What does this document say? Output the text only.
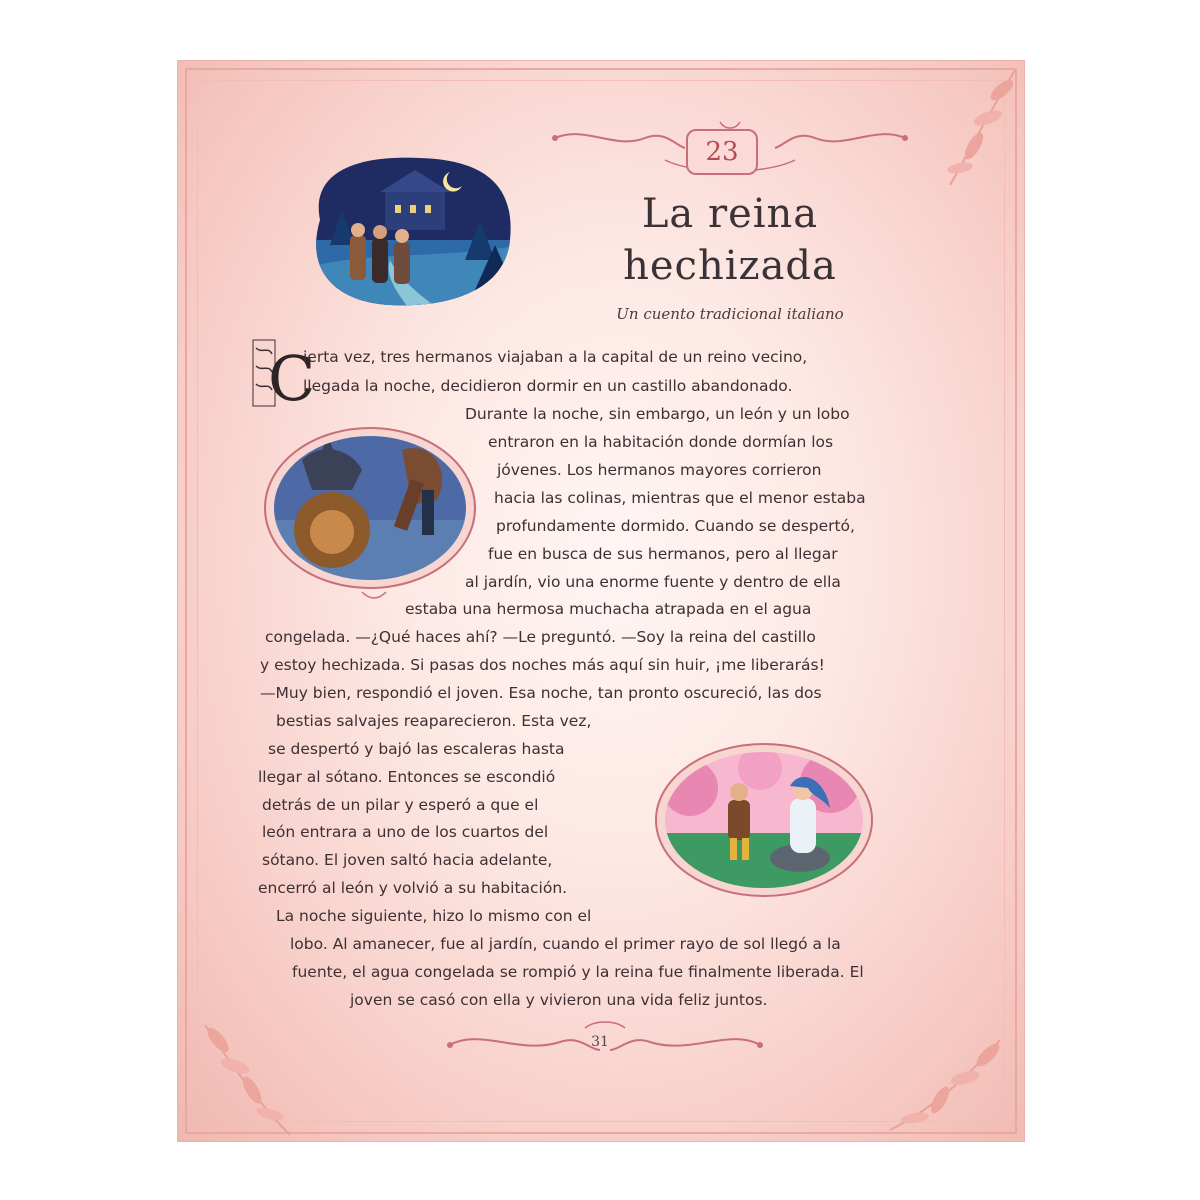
23
La reina
hechizada
Un cuento tradicional italiano
C
ierta vez, tres hermanos viajaban a la capital de un reino vecino,
llegada la noche, decidieron dormir en un castillo abandonado.
Durante la noche, sin embargo, un león y un lobo
entraron en la habitación donde dormían los
jóvenes. Los hermanos mayores corrieron
hacia las colinas, mientras que el menor estaba
profundamente dormido. Cuando se despertó,
fue en busca de sus hermanos, pero al llegar
al jardín, vio una enorme fuente y dentro de ella
estaba una hermosa muchacha atrapada en el agua
congelada. —¿Qué haces ahí? —Le preguntó. —Soy la reina del castillo
y estoy hechizada. Si pasas dos noches más aquí sin huir, ¡me liberarás!
—Muy bien, respondió el joven. Esa noche, tan pronto oscureció, las dos
bestias salvajes reaparecieron. Esta vez,
se despertó y bajó las escaleras hasta
llegar al sótano. Entonces se escondió
detrás de un pilar y esperó a que el
león entrara a uno de los cuartos del
sótano. El joven saltó hacia adelante,
encerró al león y volvió a su habitación.
La noche siguiente, hizo lo mismo con el
lobo. Al amanecer, fue al jardín, cuando el primer rayo de sol llegó a la
fuente, el agua congelada se rompió y la reina fue finalmente liberada. El
joven se casó con ella y vivieron una vida feliz juntos.
31
